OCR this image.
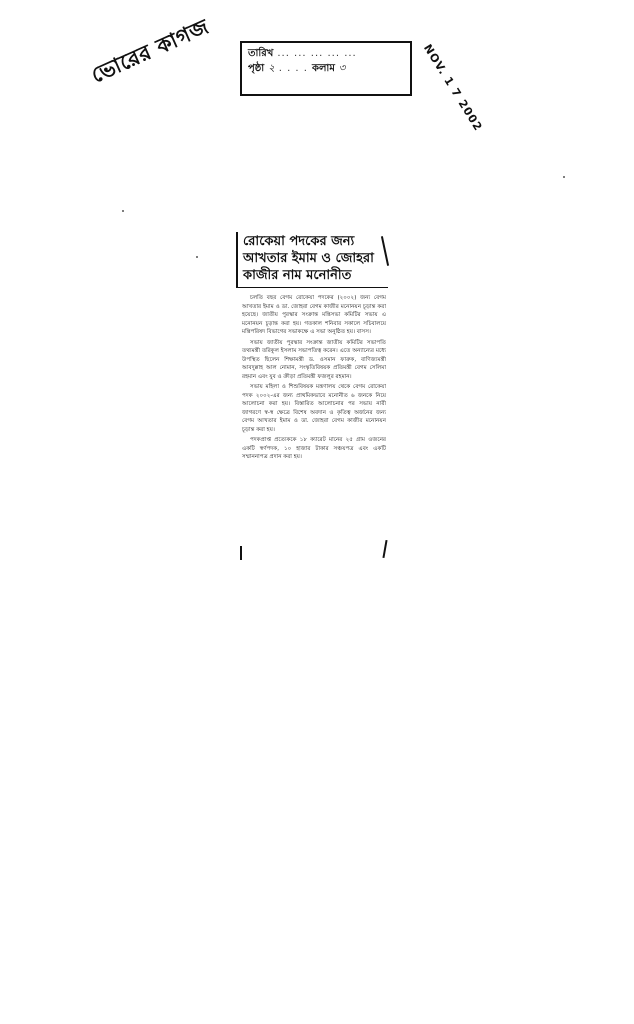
ভোরের কাগজ	তারিখ ... ... ... ... ...
পৃষ্ঠা ২ . . . . কলাম ৩	NOV. 1 7 2002
রোকেয়া পদকের জন্য
আখতার ইমাম ও জোহরা
কাজীর নাম মনোনীত

চলতি বছর বেগম রোকেয়া পদকের (২০০২) জন্য বেগম আখতার ইমাম ও ডা. জোহরা বেগম কাজীর মনোনয়ন চূড়ান্ত করা হয়েছে। জাতীয় পুরস্কার সংক্রান্ত মন্ত্রিসভা কমিটির সভায় এ মনোনয়ন চূড়ান্ত করা হয়। গতকাল শনিবার সকালে সচিবালয়ে মন্ত্রিপরিষদ বিভাগের সভাকক্ষে এ সভা অনুষ্ঠিত হয়। বাসস।

সভায় জাতীয় পুরস্কার সংক্রান্ত জাতীয় কমিটির সভাপতি তথ্যমন্ত্রী তরিকুল ইসলাম সভাপতিত্ব করেন। এতে অন্যান্যের মধ্যে উপস্থিত ছিলেন শিক্ষামন্ত্রী ড. ওসমান ফারুক, বাণিজ্যমন্ত্রী আবদুল্লাহ আল নোমান, সংস্কৃতিবিষয়ক প্রতিমন্ত্রী বেগম সেলিমা রহমান এবং যুব ও ক্রীড়া প্রতিমন্ত্রী ফজলুর রহমান।

সভায় মহিলা ও শিশুবিষয়ক মন্ত্রণালয় থেকে বেগম রোকেয়া পদক ২০০২-এর জন্য প্রাথমিকভাবে মনোনীত ৬ জনকে নিয়ে আলোচনা করা হয়। বিস্তারিত আলোচনার পর সভায় নারী জাগরণে স্ব-স্ব ক্ষেত্রে বিশেষ অবদান ও কৃতিত্ব অর্জনের জন্য বেগম আখতার ইমাম ও ডা. জোহরা বেগম কাজীর মনোনয়ন চূড়ান্ত করা হয়।

পদকপ্রাপ্ত প্রত্যেককে ১৮ ক্যারেট মানের ২৫ গ্রাম ওজনের একটি স্বর্ণপদক, ১০ হাজার টাকার সঞ্চয়পত্র এবং একটি সম্মাননাপত্র প্রদান করা হয়।
